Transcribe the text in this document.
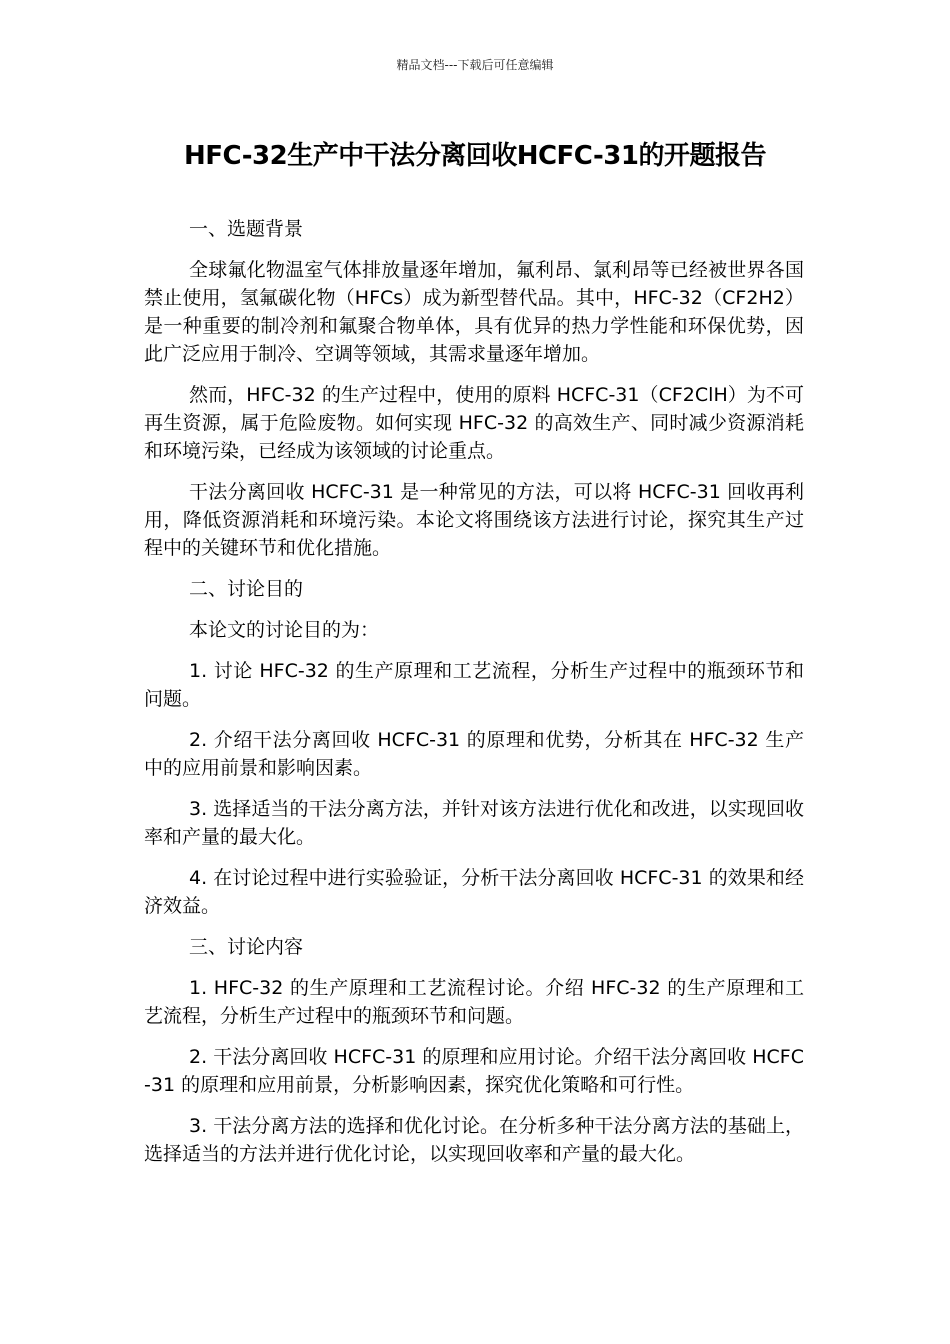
精品文档---下载后可任意编辑
HFC-32生产中干法分离回收HCFC-31的开题报告

一、选题背景

全球氟化物温室气体排放量逐年增加，氟利昂、氯利昂等已经被世界各国禁止使用，氢氟碳化物（HFCs）成为新型替代品。其中，HFC-32（CF2H2）是一种重要的制冷剂和氟聚合物单体，具有优异的热力学性能和环保优势，因此广泛应用于制冷、空调等领域，其需求量逐年增加。

然而，HFC-32 的生产过程中，使用的原料 HCFC-31（CF2ClH）为不可再生资源，属于危险废物。如何实现 HFC-32 的高效生产、同时减少资源消耗和环境污染，已经成为该领域的讨论重点。

干法分离回收 HCFC-31 是一种常见的方法，可以将 HCFC-31 回收再利用，降低资源消耗和环境污染。本论文将围绕该方法进行讨论，探究其生产过程中的关键环节和优化措施。

二、讨论目的

本论文的讨论目的为：

1. 讨论 HFC-32 的生产原理和工艺流程，分析生产过程中的瓶颈环节和问题。

2. 介绍干法分离回收 HCFC-31 的原理和优势，分析其在 HFC-32 生产中的应用前景和影响因素。

3. 选择适当的干法分离方法，并针对该方法进行优化和改进，以实现回收率和产量的最大化。

4. 在讨论过程中进行实验验证，分析干法分离回收 HCFC-31 的效果和经济效益。

三、讨论内容

1. HFC-32 的生产原理和工艺流程讨论。介绍 HFC-32 的生产原理和工艺流程，分析生产过程中的瓶颈环节和问题。

2. 干法分离回收 HCFC-31 的原理和应用讨论。介绍干法分离回收 HCFC-31 的原理和应用前景，分析影响因素，探究优化策略和可行性。

3. 干法分离方法的选择和优化讨论。在分析多种干法分离方法的基础上，选择适当的方法并进行优化讨论，以实现回收率和产量的最大化。
